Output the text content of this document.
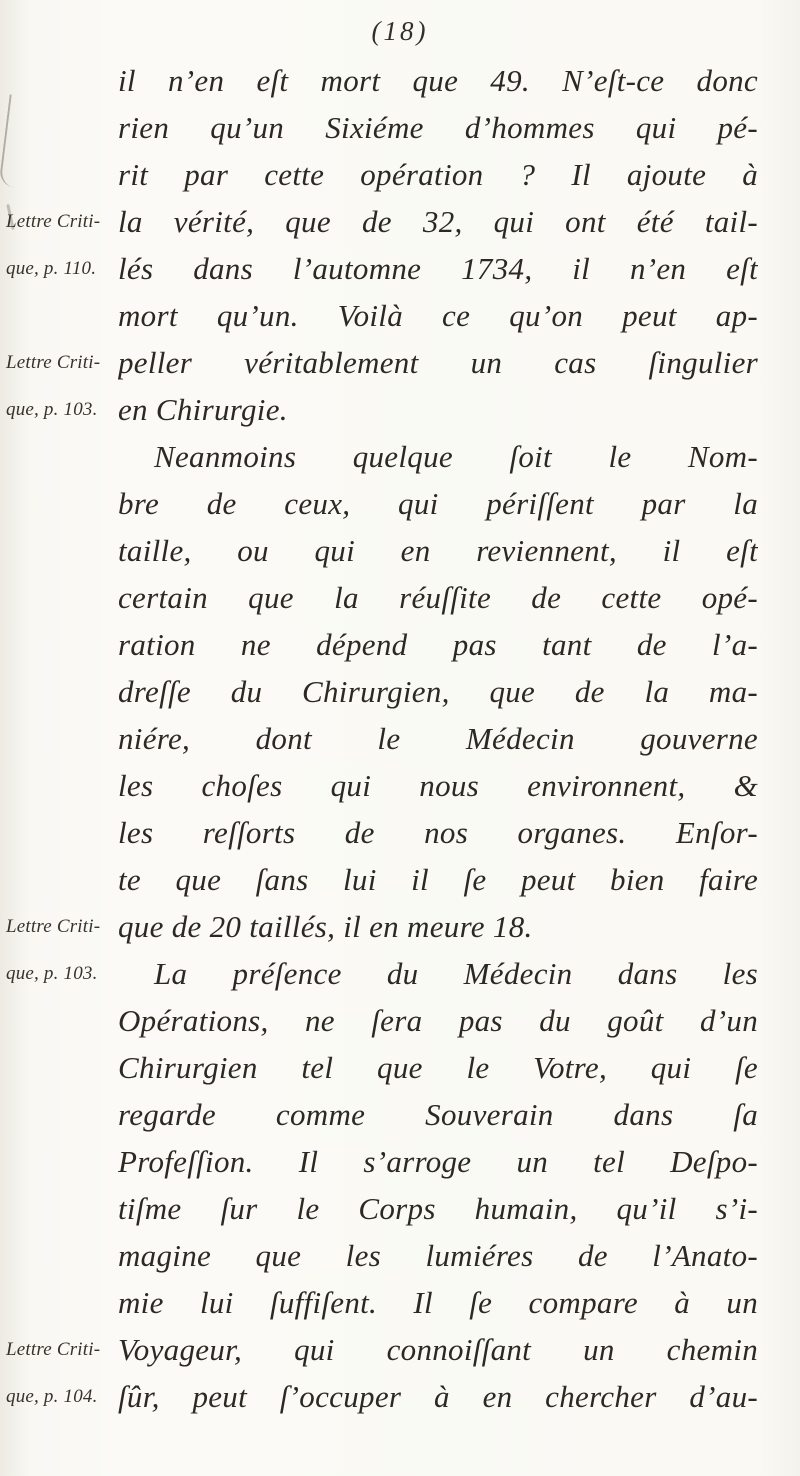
(18)
il n’en eſt mort que 49. N’eſt-ce donc
rien qu’un Sixiéme d’hommes qui pé-
rit par cette opération ? Il ajoute à
la vérité, que de 32, qui ont été tail-
lés dans l’automne 1734, il n’en eſt
mort qu’un. Voilà ce qu’on peut ap-
peller véritablement un cas ſingulier
en Chirurgie.
Neanmoins quelque ſoit le Nom-
bre de ceux, qui périſſent par la
taille, ou qui en reviennent, il eſt
certain que la réuſſite de cette opé-
ration ne dépend pas tant de l’a-
dreſſe du Chirurgien, que de la ma-
niére, dont le Médecin gouverne
les choſes qui nous environnent, &
les reſſorts de nos organes. Enſor-
te que ſans lui il ſe peut bien faire
que de 20 taillés, il en meure 18.
La préſence du Médecin dans les
Opérations, ne ſera pas du goût d’un
Chirurgien tel que le Votre, qui ſe
regarde comme Souverain dans ſa
Profeſſion. Il s’arroge un tel Deſpo-
tiſme ſur le Corps humain, qu’il s’i-
magine que les lumiéres de l’Anato-
mie lui ſuffiſent. Il ſe compare à un
Voyageur, qui connoiſſant un chemin
ſûr, peut ſ’occuper à en chercher d’au-
Lettre Criti-
que, p. 110.
Lettre Criti-
que, p. 103.
Lettre Criti-
que, p. 103.
Lettre Criti-
que, p. 104.
